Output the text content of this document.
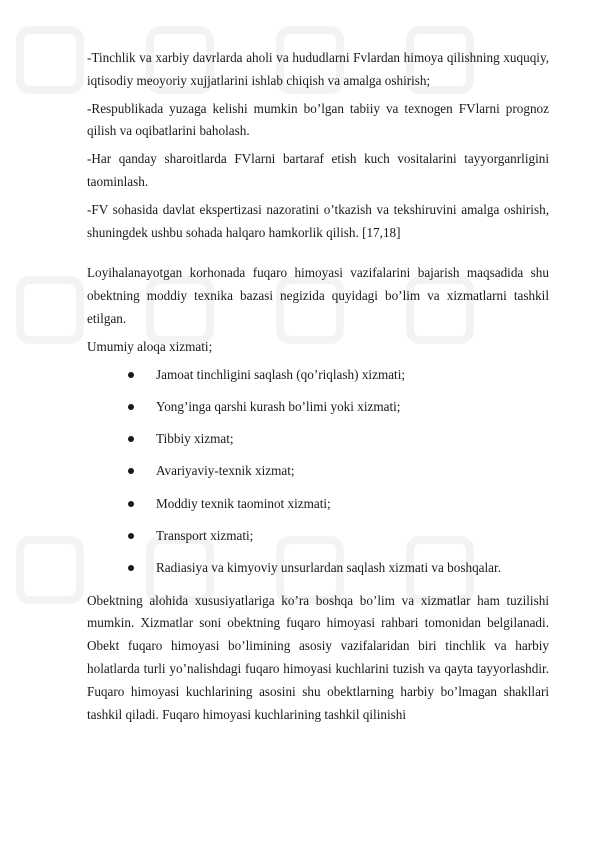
-Tinchlik va xarbiy davrlarda aholi va hududlarni Fvlardan himoya qilishning xuquqiy, iqtisodiy meoyoriy xujjatlarini ishlab chiqish va amalga oshirish;

-Respublikada yuzaga kelishi mumkin bo’lgan tabiiy va texnogen FVlarni prognoz qilish va oqibatlarini baholash.

-Har qanday sharoitlarda FVlarni bartaraf etish kuch vositalarini tayyorganrligini taominlash.

-FV sohasida davlat ekspertizasi nazoratini o’tkazish va tekshiruvini amalga oshirish, shuningdek ushbu sohada halqaro hamkorlik qilish. [17,18]

Loyihalanayotgan korhonada fuqaro himoyasi vazifalarini bajarish maqsadida shu obektning moddiy texnika bazasi negizida quyidagi bo’lim va xizmatlarni tashkil etilgan.

Umumiy aloqa xizmati;

Jamoat tinchligini saqlash (qo’riqlash) xizmati;
Yong’inga qarshi kurash bo’limi yoki xizmati;
Tibbiy xizmat;
Avariyaviy-texnik xizmat;
Moddiy texnik taominot xizmati;
Transport xizmati;
Radiasiya va kimyoviy unsurlardan saqlash xizmati va boshqalar.

Obektning alohida xususiyatlariga ko’ra boshqa bo’lim va xizmatlar ham tuzilishi mumkin. Xizmatlar soni obektning fuqaro himoyasi rahbari tomonidan belgilanadi. Obekt fuqaro himoyasi bo’limining asosiy vazifalaridan biri tinchlik va harbiy holatlarda turli yo’nalishdagi fuqaro himoyasi kuchlarini tuzish va qayta tayyorlashdir. Fuqaro himoyasi kuchlarining asosini shu obektlarning harbiy bo’lmagan shakllari tashkil qiladi. Fuqaro himoyasi kuchlarining tashkil qilinishi
